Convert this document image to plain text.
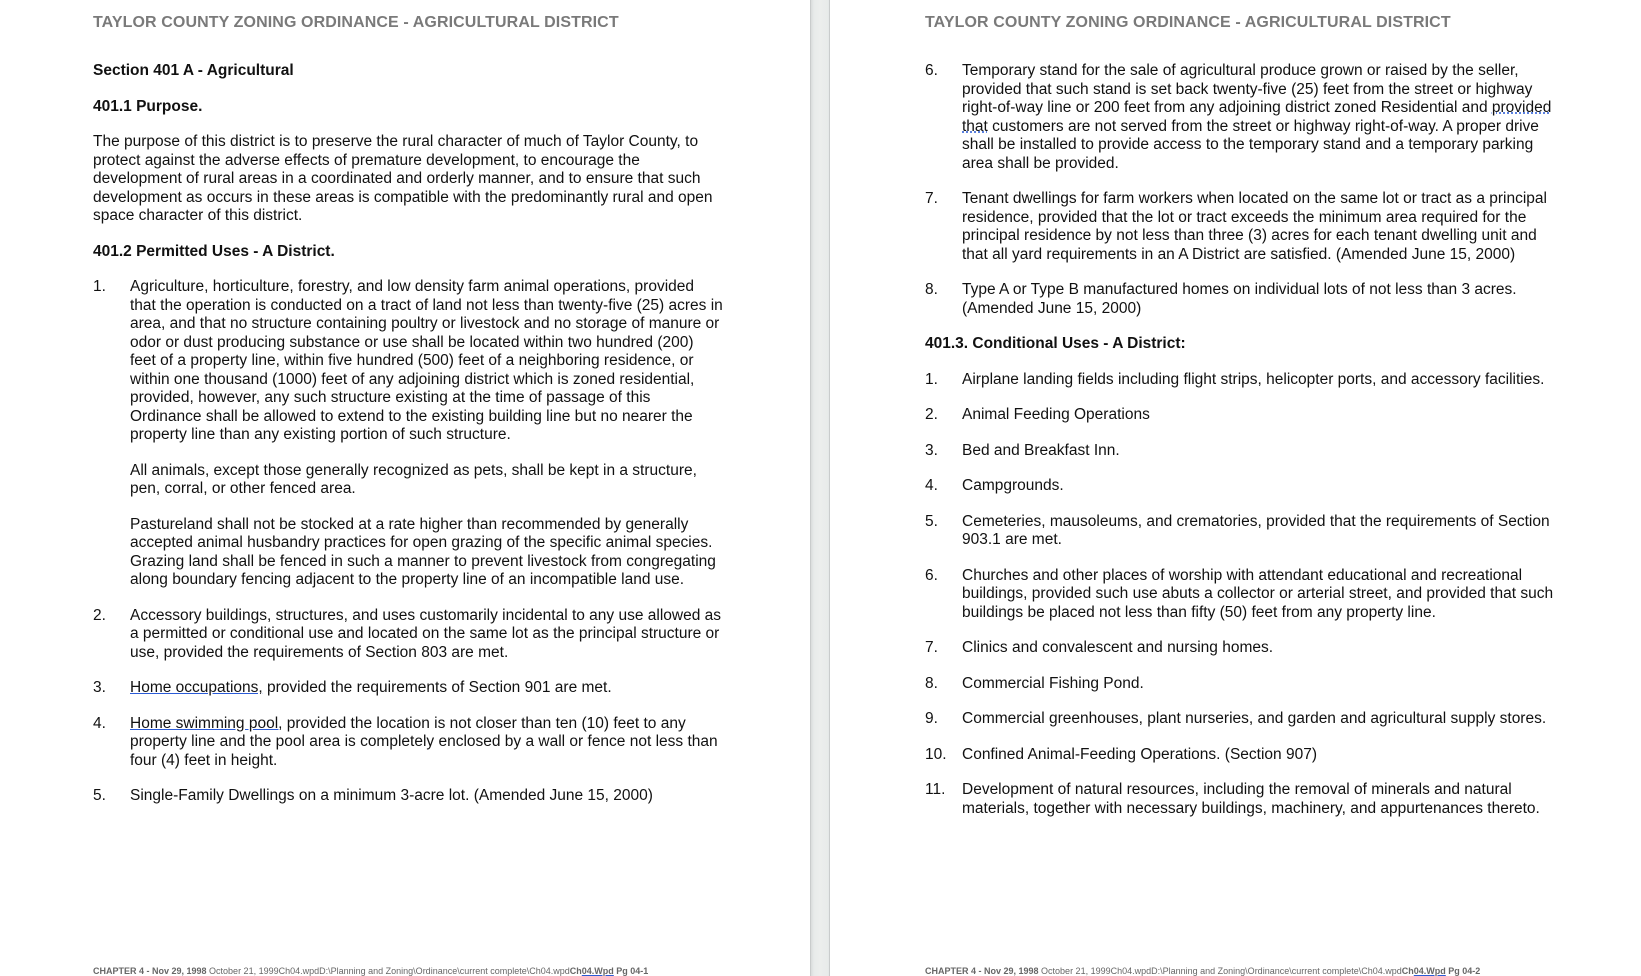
TAYLOR COUNTY ZONING ORDINANCE - AGRICULTURAL DISTRICT
Section 401 A - Agricultural
401.1 Purpose.
The purpose of this district is to preserve the rural character of much of Taylor County, to protect against the adverse effects of premature development, to encourage the development of rural areas in a coordinated and orderly manner, and to ensure that such development as occurs in these areas is compatible with the predominantly rural and open space character of this district.
401.2 Permitted Uses - A District.
1. Agriculture, horticulture, forestry, and low density farm animal operations, provided that the operation is conducted on a tract of land not less than twenty-five (25) acres in area, and that no structure containing poultry or livestock and no storage of manure or odor or dust producing substance or use shall be located within two hundred (200) feet of a property line, within five hundred (500) feet of a neighboring residence, or within one thousand (1000) feet of any adjoining district which is zoned residential, provided, however, any such structure existing at the time of passage of this Ordinance shall be allowed to extend to the existing building line but no nearer the property line than any existing portion of such structure.
All animals, except those generally recognized as pets, shall be kept in a structure, pen, corral, or other fenced area.
Pastureland shall not be stocked at a rate higher than recommended by generally accepted animal husbandry practices for open grazing of the specific animal species. Grazing land shall be fenced in such a manner to prevent livestock from congregating along boundary fencing adjacent to the property line of an incompatible land use.
2. Accessory buildings, structures, and uses customarily incidental to any use allowed as a permitted or conditional use and located on the same lot as the principal structure or use, provided the requirements of Section 803 are met.
3. Home occupations, provided the requirements of Section 901 are met.
4. Home swimming pool, provided the location is not closer than ten (10) feet to any property line and the pool area is completely enclosed by a wall or fence not less than four (4) feet in height.
5. Single-Family Dwellings on a minimum 3-acre lot. (Amended June 15, 2000)
CHAPTER 4 - Nov 29, 1998 October 21, 1999Ch04.wpdD:\Planning and Zoning\Ordinance\current complete\Ch04.wpdCh04.Wpd Pg 04-1
TAYLOR COUNTY ZONING ORDINANCE - AGRICULTURAL DISTRICT
6. Temporary stand for the sale of agricultural produce grown or raised by the seller, provided that such stand is set back twenty-five (25) feet from the street or highway right-of-way line or 200 feet from any adjoining district zoned Residential and provided that customers are not served from the street or highway right-of-way. A proper drive shall be installed to provide access to the temporary stand and a temporary parking area shall be provided.
7. Tenant dwellings for farm workers when located on the same lot or tract as a principal residence, provided that the lot or tract exceeds the minimum area required for the principal residence by not less than three (3) acres for each tenant dwelling unit and that all yard requirements in an A District are satisfied. (Amended June 15, 2000)
8. Type A or Type B manufactured homes on individual lots of not less than 3 acres. (Amended June 15, 2000)
401.3. Conditional Uses - A District:
1. Airplane landing fields including flight strips, helicopter ports, and accessory facilities.
2. Animal Feeding Operations
3. Bed and Breakfast Inn.
4. Campgrounds.
5. Cemeteries, mausoleums, and crematories, provided that the requirements of Section 903.1 are met.
6. Churches and other places of worship with attendant educational and recreational buildings, provided such use abuts a collector or arterial street, and provided that such buildings be placed not less than fifty (50) feet from any property line.
7. Clinics and convalescent and nursing homes.
8. Commercial Fishing Pond.
9. Commercial greenhouses, plant nurseries, and garden and agricultural supply stores.
10. Confined Animal-Feeding Operations. (Section 907)
11. Development of natural resources, including the removal of minerals and natural materials, together with necessary buildings, machinery, and appurtenances thereto.
CHAPTER 4 - Nov 29, 1998 October 21, 1999Ch04.wpdD:\Planning and Zoning\Ordinance\current complete\Ch04.wpdCh04.Wpd Pg 04-2
